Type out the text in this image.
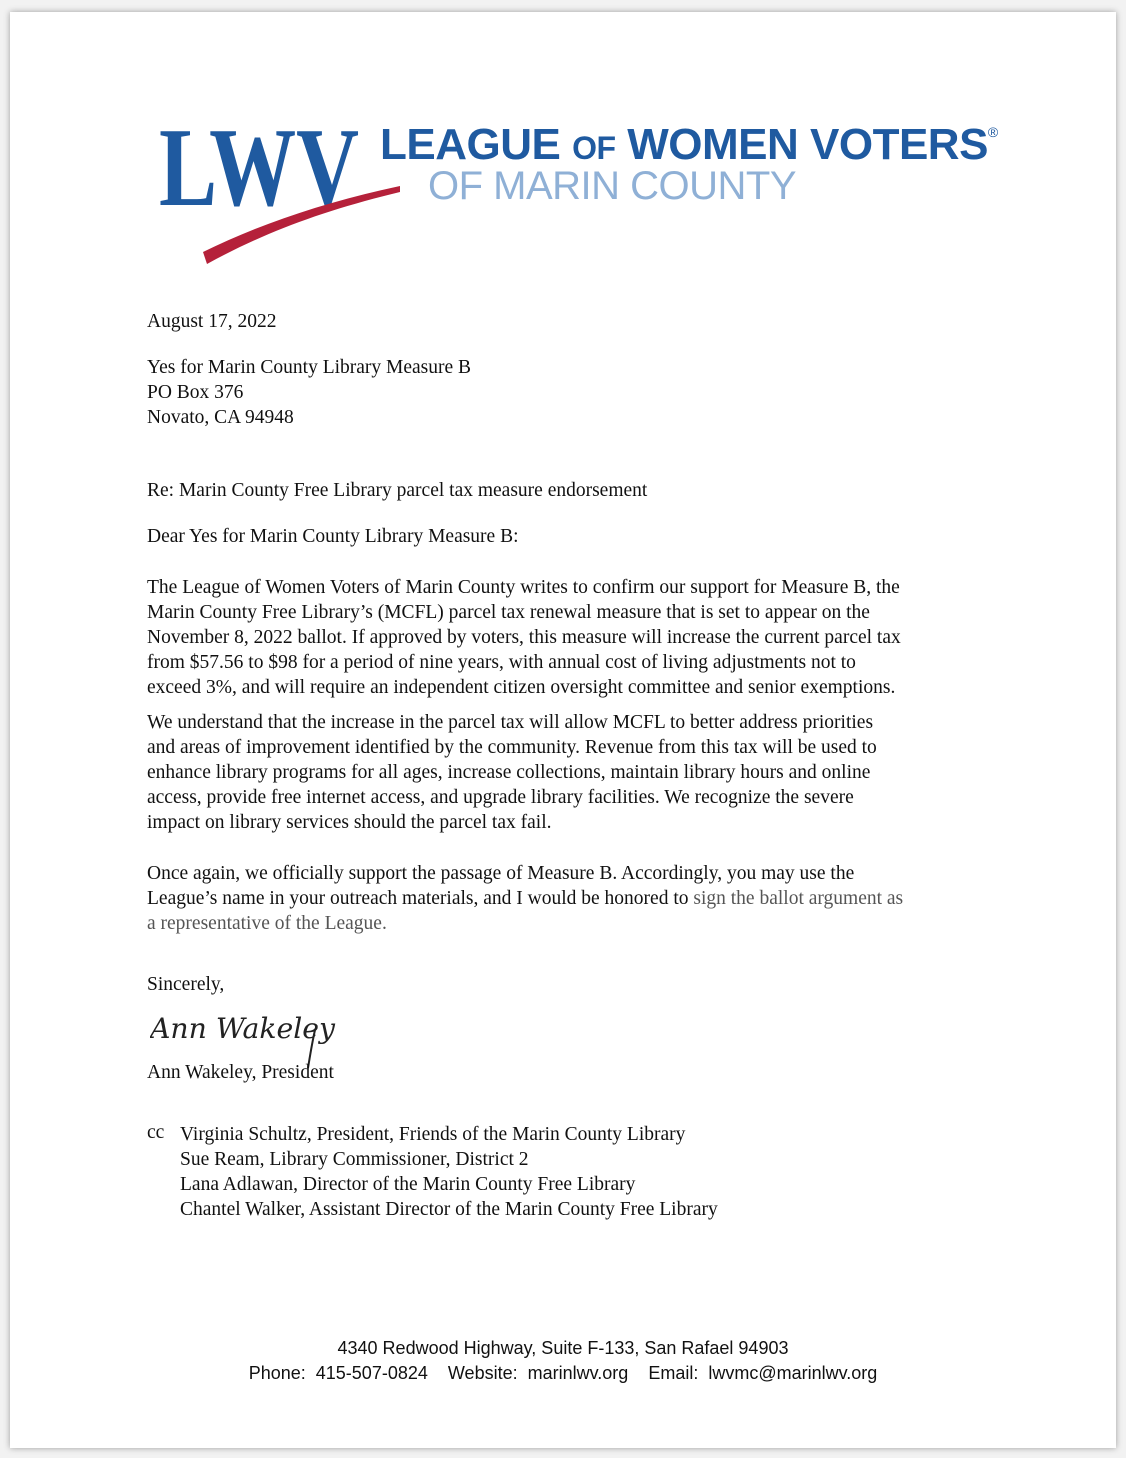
LWV LEAGUE OF WOMEN VOTERS®
OF MARIN COUNTY
August 17, 2022
Yes for Marin County Library Measure B
PO Box 376
Novato, CA 94948
Re: Marin County Free Library parcel tax measure endorsement
Dear Yes for Marin County Library Measure B:
The League of Women Voters of Marin County writes to confirm our support for Measure B, the
Marin County Free Library’s (MCFL) parcel tax renewal measure that is set to appear on the
November 8, 2022 ballot. If approved by voters, this measure will increase the current parcel tax
from $57.56 to $98 for a period of nine years, with annual cost of living adjustments not to
exceed 3%, and will require an independent citizen oversight committee and senior exemptions.
We understand that the increase in the parcel tax will allow MCFL to better address priorities
and areas of improvement identified by the community. Revenue from this tax will be used to
enhance library programs for all ages, increase collections, maintain library hours and online
access, provide free internet access, and upgrade library facilities. We recognize the severe
impact on library services should the parcel tax fail.
Once again, we officially support the passage of Measure B. Accordingly, you may use the
League’s name in your outreach materials, and I would be honored to sign the ballot argument as
a representative of the League.
Sincerely,
Ann Wakeley
Ann Wakeley, President
cc Virginia Schultz, President, Friends of the Marin County Library
Sue Ream, Library Commissioner, District 2
Lana Adlawan, Director of the Marin County Free Library
Chantel Walker, Assistant Director of the Marin County Free Library
4340 Redwood Highway, Suite F-133, San Rafael 94903
Phone: 415-507-0824 Website: marinlwv.org Email: lwvmc@marinlwv.org
